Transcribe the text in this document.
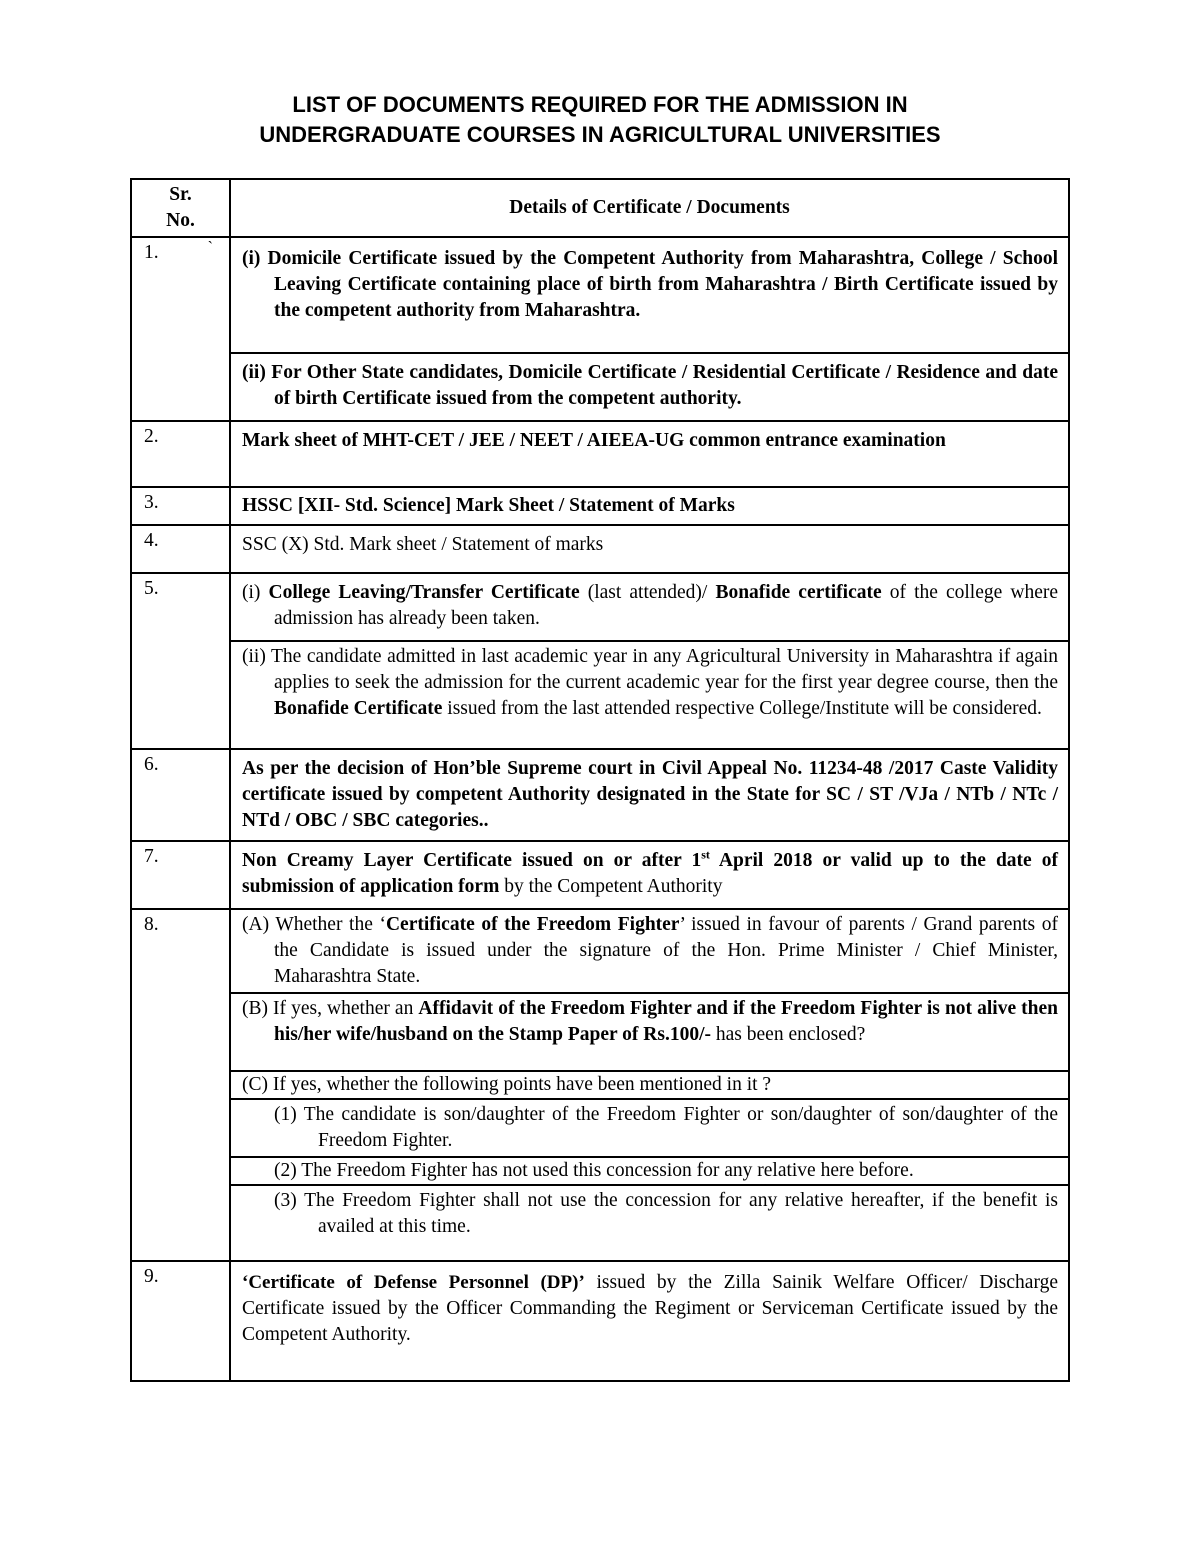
LIST OF DOCUMENTS REQUIRED FOR THE ADMISSION IN
UNDERGRADUATE COURSES IN AGRICULTURAL UNIVERSITIES
Sr.
No.	Details of Certificate / Documents

`
1.	(i) Domicile Certificate issued by the Competent Authority from Maharashtra, College / School Leaving Certificate containing place of birth from Maharashtra / Birth Certificate issued by the competent authority from Maharashtra.
	(ii) For Other State candidates, Domicile Certificate / Residential Certificate / Residence and date of birth Certificate issued from the competent authority.
2.	Mark sheet of MHT-CET / JEE / NEET / AIEEA-UG common entrance examination
3.	HSSC [XII- Std. Science] Mark Sheet / Statement of Marks
4.	SSC (X) Std. Mark sheet / Statement of marks
5.	(i) College Leaving/Transfer Certificate (last attended)/ Bonafide certificate of the college where admission has already been taken.
	(ii) The candidate admitted in last academic year in any Agricultural University in Maharashtra if again applies to seek the admission for the current academic year for the first year degree course, then the Bonafide Certificate issued from the last attended respective College/Institute will be considered.
6.	As per the decision of Hon’ble Supreme court in Civil Appeal No. 11234-48 /2017 Caste Validity certificate issued by competent Authority designated in the State for SC / ST /VJa / NTb / NTc / NTd / OBC / SBC categories..
7.	Non Creamy Layer Certificate issued on or after 1st April 2018 or valid up to the date of submission of application form by the Competent Authority
8.	(A) Whether the ‘Certificate of the Freedom Fighter’ issued in favour of parents / Grand parents of the Candidate is issued under the signature of the Hon. Prime Minister / Chief Minister, Maharashtra State.
	(B) If yes, whether an Affidavit of the Freedom Fighter and if the Freedom Fighter is not alive then his/her wife/husband on the Stamp Paper of Rs.100/- has been enclosed?
	(C) If yes, whether the following points have been mentioned in it ?
	(1) The candidate is son/daughter of the Freedom Fighter or son/daughter of son/daughter of the Freedom Fighter.
	(2) The Freedom Fighter has not used this concession for any relative here before.
	(3) The Freedom Fighter shall not use the concession for any relative hereafter, if the benefit is availed at this time.
9.	‘Certificate of Defense Personnel (DP)’ issued by the Zilla Sainik Welfare Officer/ Discharge Certificate issued by the Officer Commanding the Regiment or Serviceman Certificate issued by the Competent Authority.
